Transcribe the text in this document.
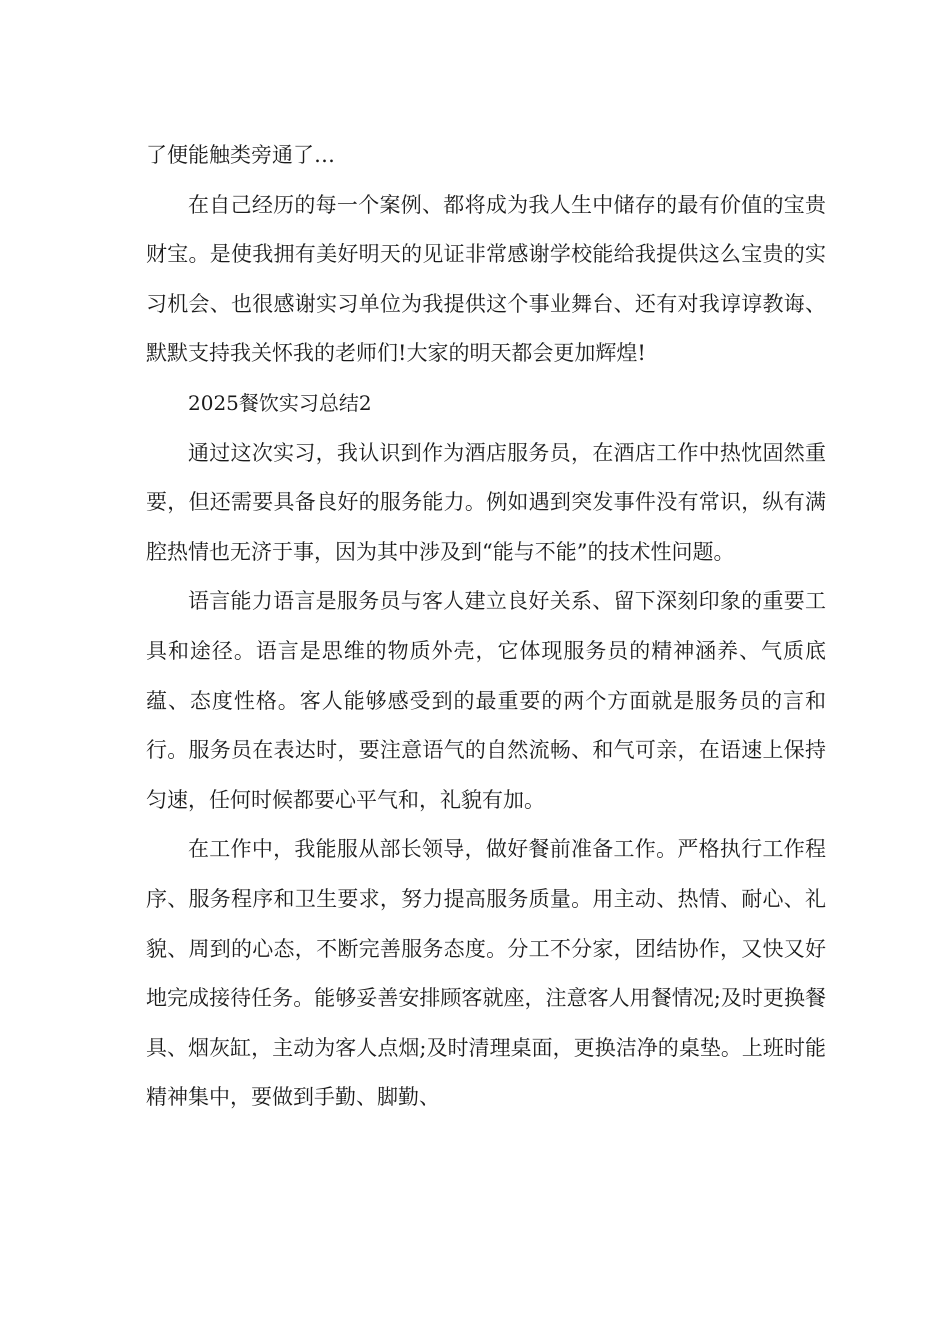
了便能触类旁通了…

在自己经历的每一个案例、都将成为我人生中储存的最有价值的宝贵财宝。是使我拥有美好明天的见证非常感谢学校能给我提供这么宝贵的实习机会、也很感谢实习单位为我提供这个事业舞台、还有对我谆谆教诲、默默支持我关怀我的老师们!大家的明天都会更加辉煌!

2025餐饮实习总结2

通过这次实习，我认识到作为酒店服务员，在酒店工作中热忱固然重要，但还需要具备良好的服务能力。例如遇到突发事件没有常识，纵有满腔热情也无济于事，因为其中涉及到“能与不能”的技术性问题。

语言能力语言是服务员与客人建立良好关系、留下深刻印象的重要工具和途径。语言是思维的物质外壳，它体现服务员的精神涵养、气质底蕴、态度性格。客人能够感受到的最重要的两个方面就是服务员的言和行。服务员在表达时，要注意语气的自然流畅、和气可亲，在语速上保持匀速，任何时候都要心平气和，礼貌有加。

在工作中，我能服从部长领导，做好餐前准备工作。严格执行工作程序、服务程序和卫生要求，努力提高服务质量。用主动、热情、耐心、礼貌、周到的心态，不断完善服务态度。分工不分家，团结协作，又快又好地完成接待任务。能够妥善安排顾客就座，注意客人用餐情况;及时更换餐具、烟灰缸，主动为客人点烟;及时清理桌面，更换洁净的桌垫。上班时能精神集中，要做到手勤、脚勤、
